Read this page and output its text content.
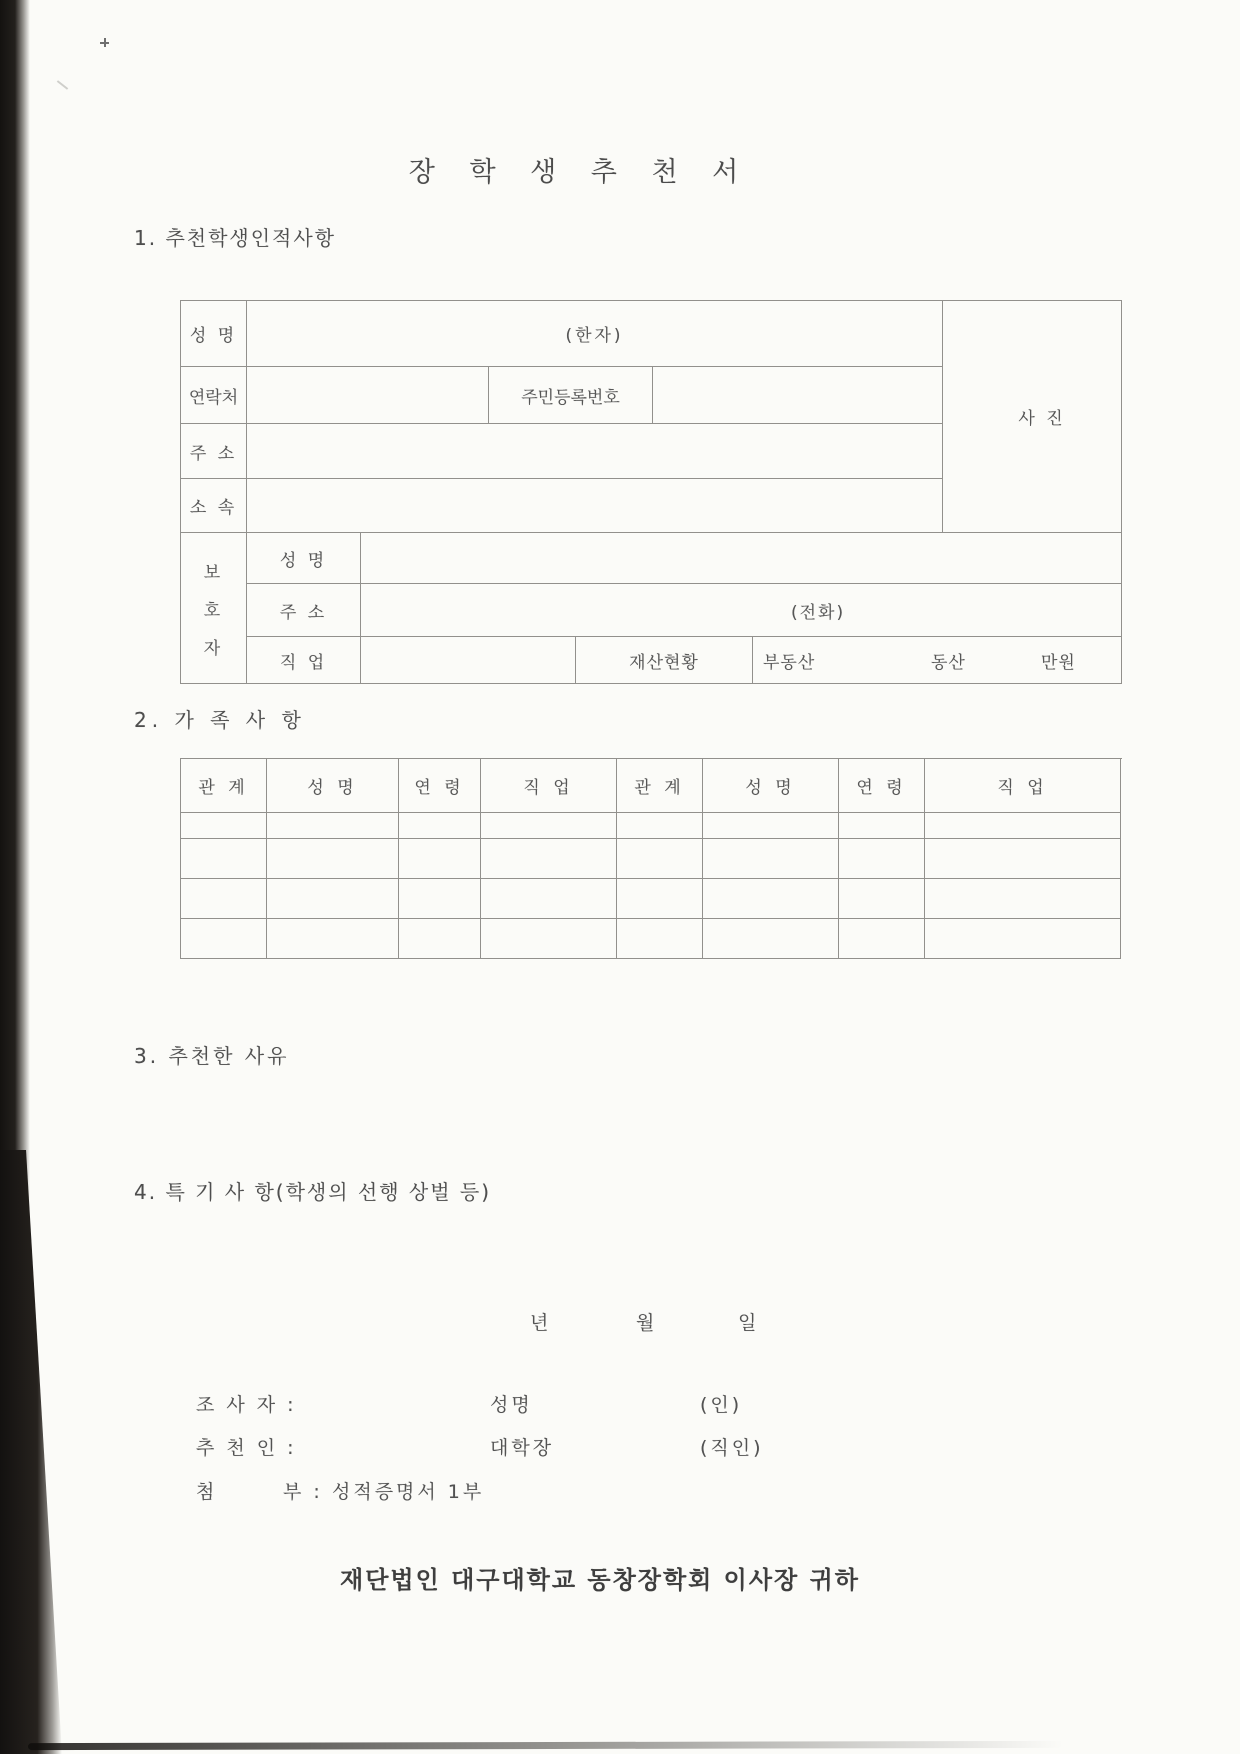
장 학 생 추 천 서
1. 추천학생인적사항
2. 가 족 사 항
3. 추천한 사유
4. 특 기 사 항(학생의 선행 상벌 등)
성 명	(한자)
사 진
연락처	주민등록번호
주 소
소 속
보
호
자
성 명
주 소	(전화)
직 업	재산현황	부동산	동산	만원
관 계	성 명	연 령	직 업	관 계	성 명	연 령	직 업
년	월	일
조 사 자 :	성명	(인)
추 천 인 :	대학장	(직인)
첨	부 : 성적증명서 1부
재단법인 대구대학교 동창장학회 이사장 귀하
